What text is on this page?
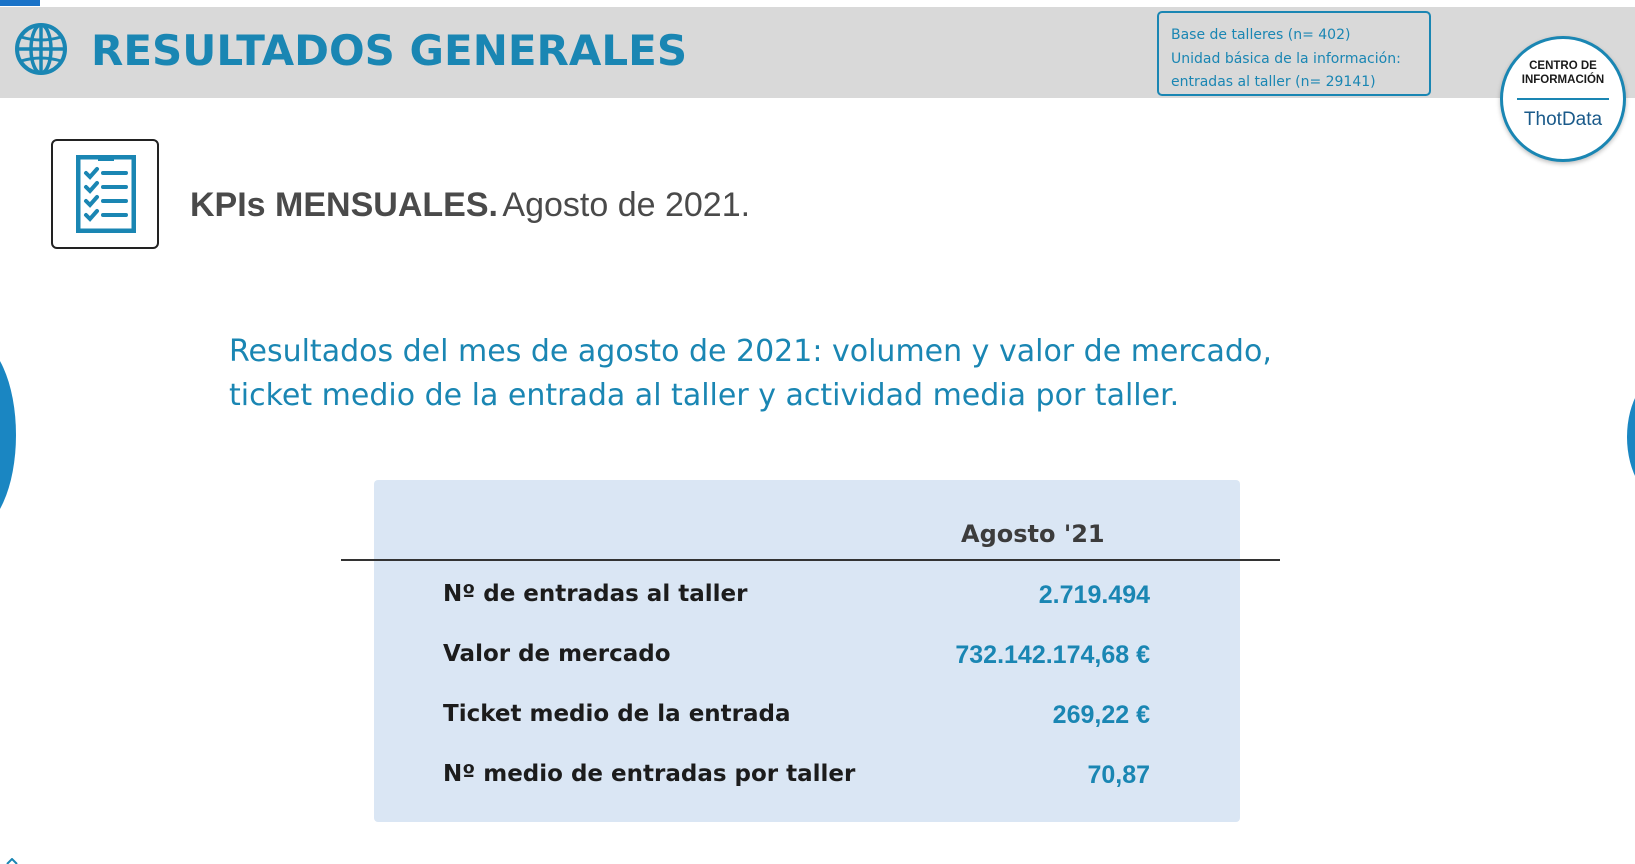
RESULTADOS GENERALES	Base de talleres (n= 402)
Unidad básica de la información:
entradas al taller (n= 29141)
CENTRO DE
INFORMACIÓN
ThotData
KPIs MENSUALES. Agosto de 2021.
Resultados del mes de agosto de 2021: volumen y valor de mercado,
ticket medio de la entrada al taller y actividad media por taller.
Agosto '21
Nº de entradas al taller	2.719.494
Valor de mercado	732.142.174,68 €
Ticket medio de la entrada	269,22 €
Nº medio de entradas por taller	70,87
